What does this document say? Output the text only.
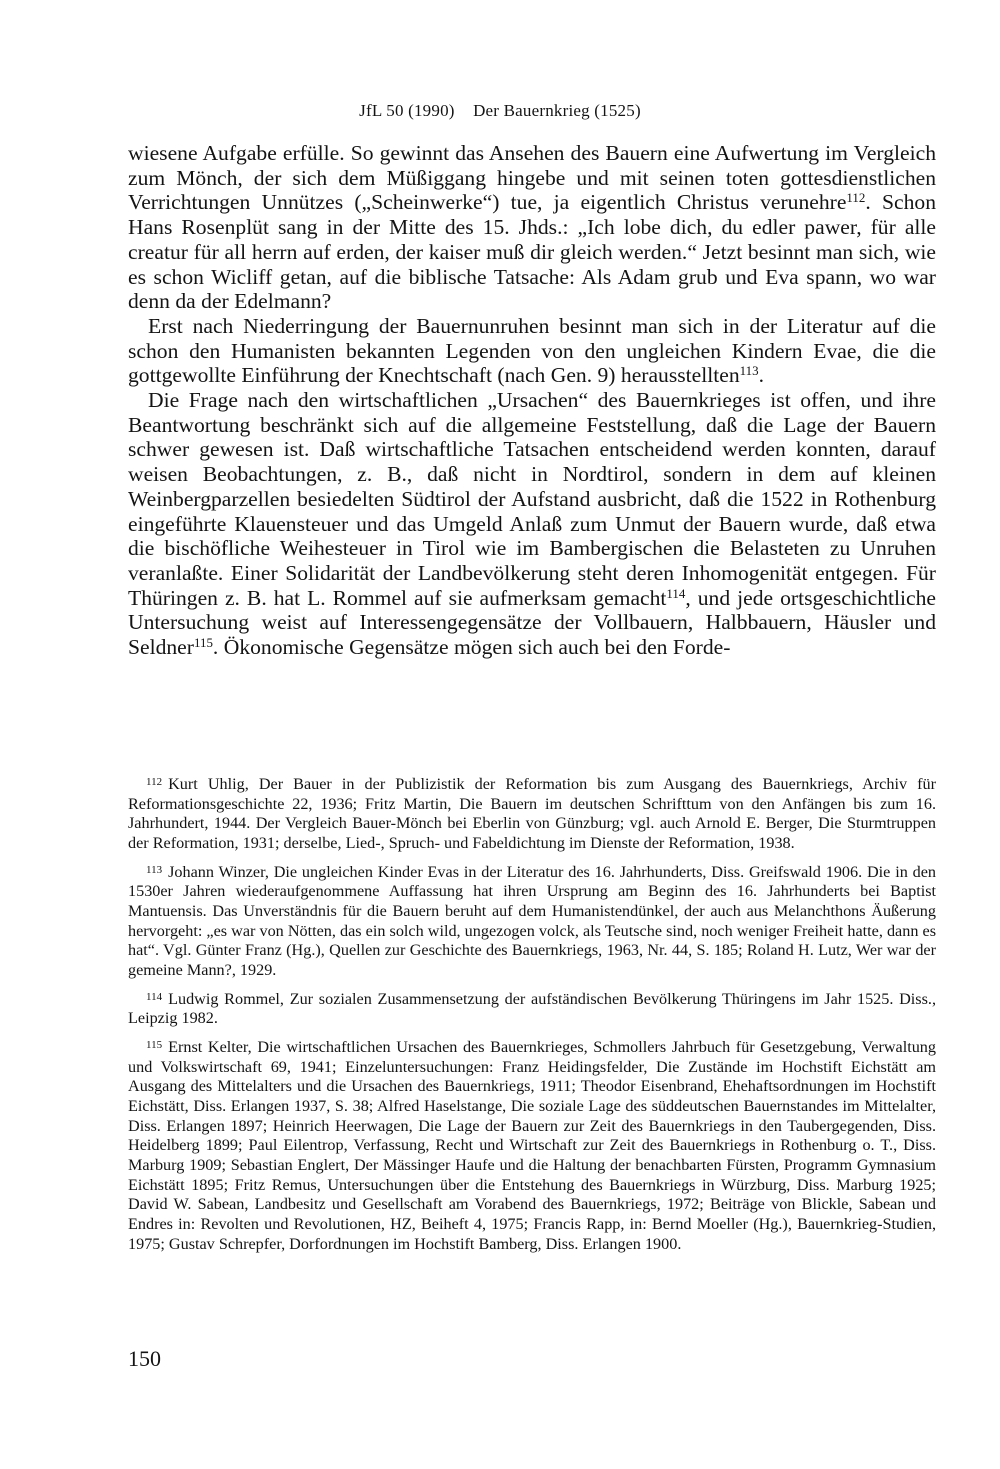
JfL 50 (1990) Der Bauernkrieg (1525)

wiesene Aufgabe erfülle. So gewinnt das Ansehen des Bauern eine Aufwertung im Vergleich zum Mönch, der sich dem Müßiggang hingebe und mit seinen toten gottesdienstlichen Verrichtungen Unnützes („Scheinwerke“) tue, ja eigentlich Christus verunehre$^{112}$. Schon Hans Rosenplüt sang in der Mitte des 15. Jhds.: „Ich lobe dich, du edler pawer, für alle creatur für all herrn auf erden, der kaiser muß dir gleich werden.“ Jetzt besinnt man sich, wie es schon Wicliff getan, auf die biblische Tatsache: Als Adam grub und Eva spann, wo war denn da der Edelmann?

Erst nach Niederringung der Bauernunruhen besinnt man sich in der Literatur auf die schon den Humanisten bekannten Legenden von den ungleichen Kindern Evae, die die gottgewollte Einführung der Knechtschaft (nach Gen. 9) herausstellten$^{113}$.

Die Frage nach den wirtschaftlichen „Ursachen“ des Bauernkrieges ist offen, und ihre Beantwortung beschränkt sich auf die allgemeine Feststellung, daß die Lage der Bauern schwer gewesen ist. Daß wirtschaftliche Tatsachen entscheidend werden konnten, darauf weisen Beobachtungen, z. B., daß nicht in Nordtirol, sondern in dem auf kleinen Weinbergparzellen besiedelten Südtirol der Aufstand ausbricht, daß die 1522 in Rothenburg eingeführte Klauensteuer und das Umgeld Anlaß zum Unmut der Bauern wurde, daß etwa die bischöfliche Weihesteuer in Tirol wie im Bambergischen die Belasteten zu Unruhen veranlaßte. Einer Solidarität der Landbevölkerung steht deren Inhomogenität entgegen. Für Thüringen z. B. hat L. Rommel auf sie aufmerksam gemacht$^{114}$, und jede ortsgeschichtliche Untersuchung weist auf Interessengegensätze der Vollbauern, Halbbauern, Häusler und Seldner$^{115}$. Ökonomische Gegensätze mögen sich auch bei den Forde-

$^{112}$ Kurt Uhlig, Der Bauer in der Publizistik der Reformation bis zum Ausgang des Bauernkriegs, Archiv für Reformationsgeschichte 22, 1936; Fritz Martin, Die Bauern im deutschen Schrifttum von den Anfängen bis zum 16. Jahrhundert, 1944. Der Vergleich Bauer-Mönch bei Eberlin von Günzburg; vgl. auch Arnold E. Berger, Die Sturmtruppen der Reformation, 1931; derselbe, Lied-, Spruch- und Fabeldichtung im Dienste der Reformation, 1938.

$^{113}$ Johann Winzer, Die ungleichen Kinder Evas in der Literatur des 16. Jahrhunderts, Diss. Greifswald 1906. Die in den 1530er Jahren wiederaufgenommene Auffassung hat ihren Ursprung am Beginn des 16. Jahrhunderts bei Baptist Mantuensis. Das Unverständnis für die Bauern beruht auf dem Humanistendünkel, der auch aus Melanchthons Äußerung hervorgeht: „es war von Nötten, das ein solch wild, ungezogen volck, als Teutsche sind, noch weniger Freiheit hatte, dann es hat“. Vgl. Günter Franz (Hg.), Quellen zur Geschichte des Bauernkriegs, 1963, Nr. 44, S. 185; Roland H. Lutz, Wer war der gemeine Mann?, 1929.

$^{114}$ Ludwig Rommel, Zur sozialen Zusammensetzung der aufständischen Bevölkerung Thüringens im Jahr 1525. Diss., Leipzig 1982.

$^{115}$ Ernst Kelter, Die wirtschaftlichen Ursachen des Bauernkrieges, Schmollers Jahrbuch für Gesetzgebung, Verwaltung und Volkswirtschaft 69, 1941; Einzeluntersuchungen: Franz Heidingsfelder, Die Zustände im Hochstift Eichstätt am Ausgang des Mittelalters und die Ursachen des Bauernkriegs, 1911; Theodor Eisenbrand, Ehehaftsordnungen im Hochstift Eichstätt, Diss. Erlangen 1937, S. 38; Alfred Haselstange, Die soziale Lage des süddeutschen Bauernstandes im Mittelalter, Diss. Erlangen 1897; Heinrich Heerwagen, Die Lage der Bauern zur Zeit des Bauernkriegs in den Taubergegenden, Diss. Heidelberg 1899; Paul Eilentrop, Verfassung, Recht und Wirtschaft zur Zeit des Bauernkriegs in Rothenburg o. T., Diss. Marburg 1909; Sebastian Englert, Der Mässinger Haufe und die Haltung der benachbarten Fürsten, Programm Gymnasium Eichstätt 1895; Fritz Remus, Untersuchungen über die Entstehung des Bauernkriegs in Würzburg, Diss. Marburg 1925; David W. Sabean, Landbesitz und Gesellschaft am Vorabend des Bauernkriegs, 1972; Beiträge von Blickle, Sabean und Endres in: Revolten und Revolutionen, HZ, Beiheft 4, 1975; Francis Rapp, in: Bernd Moeller (Hg.), Bauernkrieg-Studien, 1975; Gustav Schrepfer, Dorfordnungen im Hochstift Bamberg, Diss. Erlangen 1900.

150
